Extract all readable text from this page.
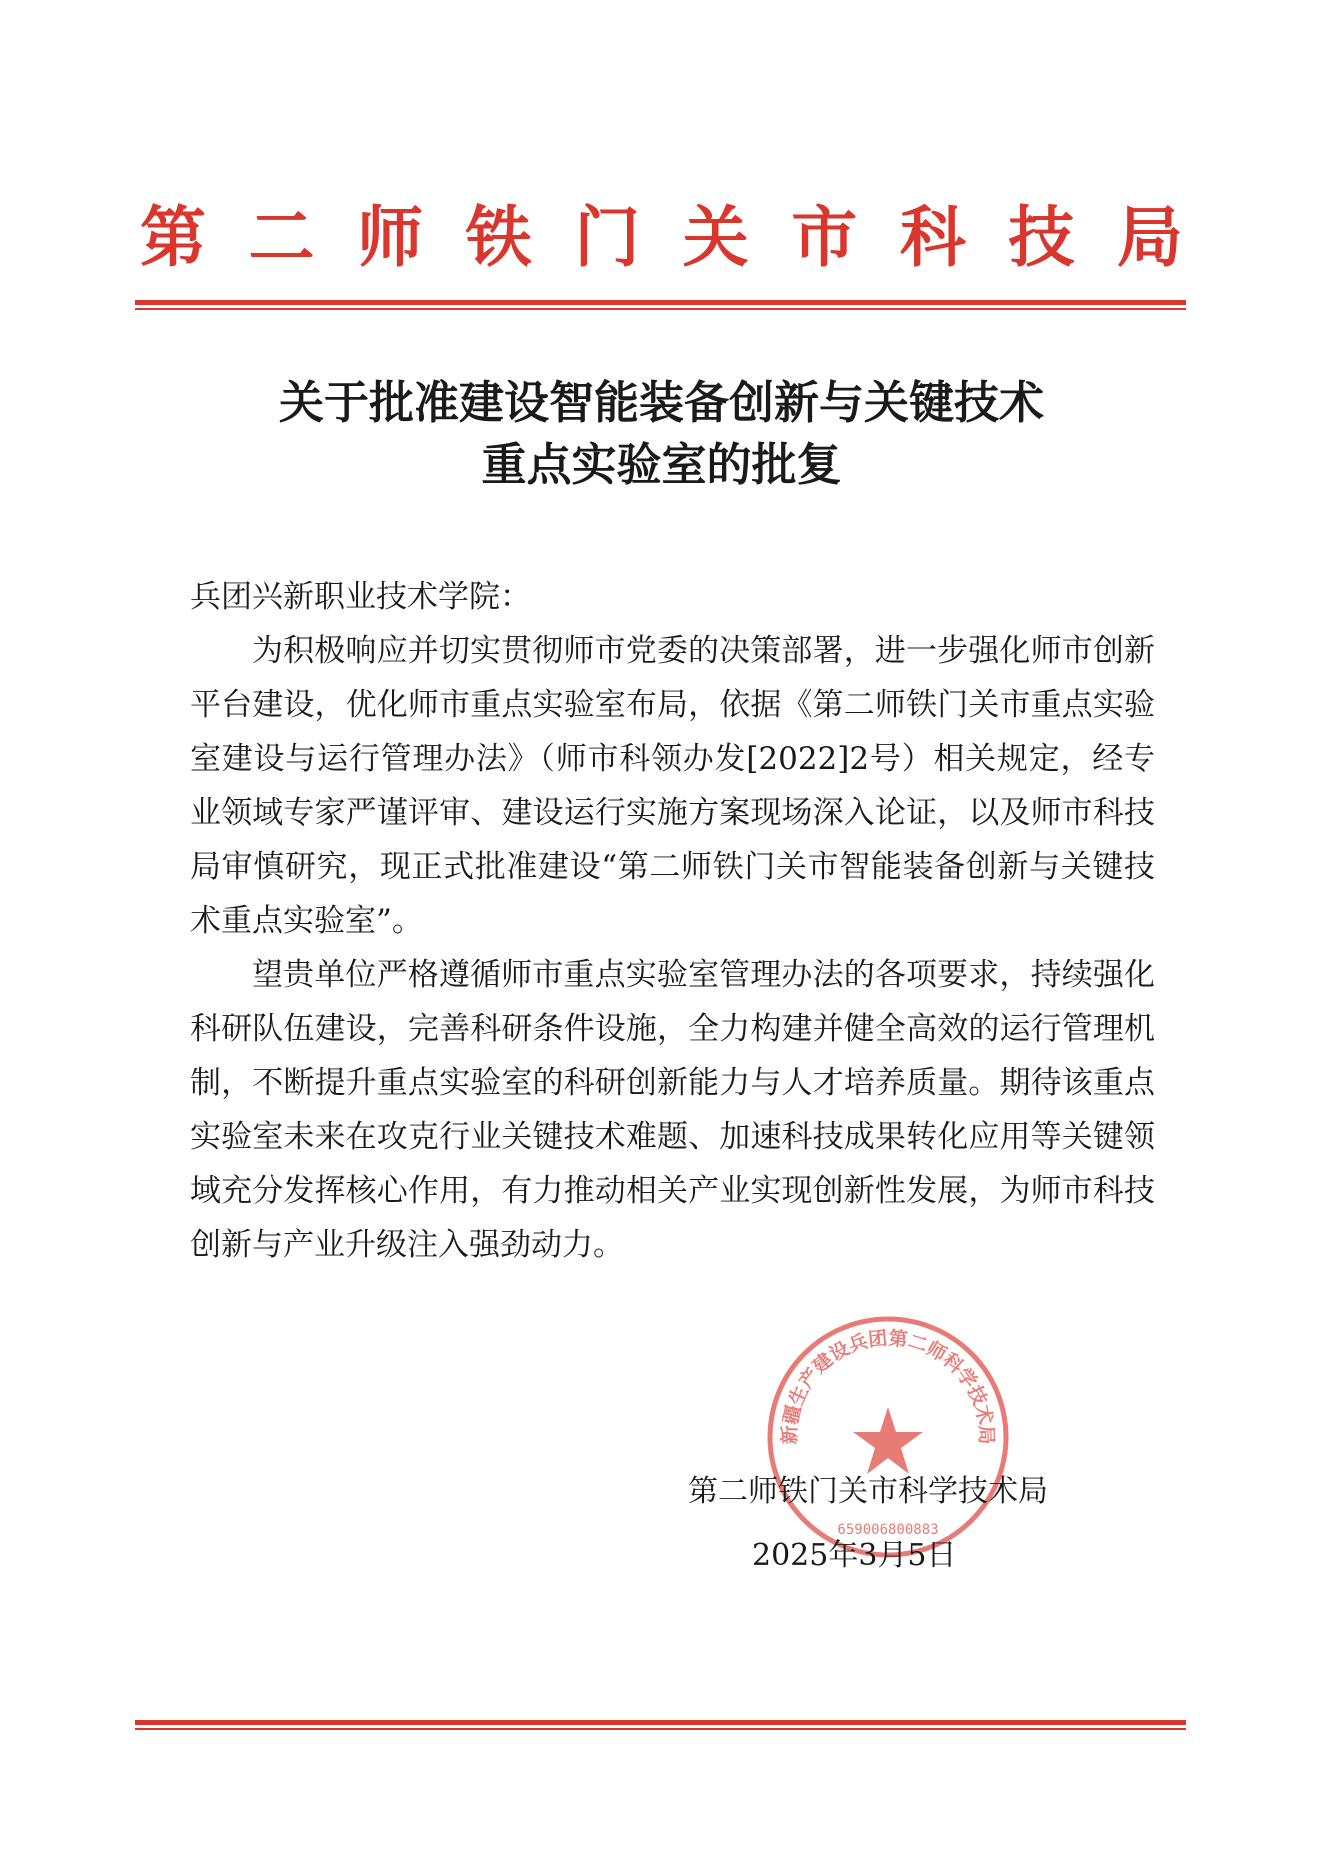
第 二 师 铁 门 关 市 科 技 局
关于批准建设智能装备创新与关键技术
重点实验室的批复

兵团兴新职业技术学院：

为积极响应并切实贯彻师市党委的决策部署，进一步强化师市创新平台建设，优化师市重点实验室布局，依据《第二师铁门关市重点实验室建设与运行管理办法》（师市科领办发[2022]2号）相关规定，经专业领域专家严谨评审、建设运行实施方案现场深入论证，以及师市科技局审慎研究，现正式批准建设“第二师铁门关市智能装备创新与关键技术重点实验室”。

望贵单位严格遵循师市重点实验室管理办法的各项要求，持续强化科研队伍建设，完善科研条件设施，全力构建并健全高效的运行管理机制，不断提升重点实验室的科研创新能力与人才培养质量。期待该重点实验室未来在攻克行业关键技术难题、加速科技成果转化应用等关键领域充分发挥核心作用，有力推动相关产业实现创新性发展，为师市科技创新与产业升级注入强劲动力。

新疆生产建设兵团第二师科学技术局
659006800883
第二师铁门关市科学技术局
2025年3月5日
